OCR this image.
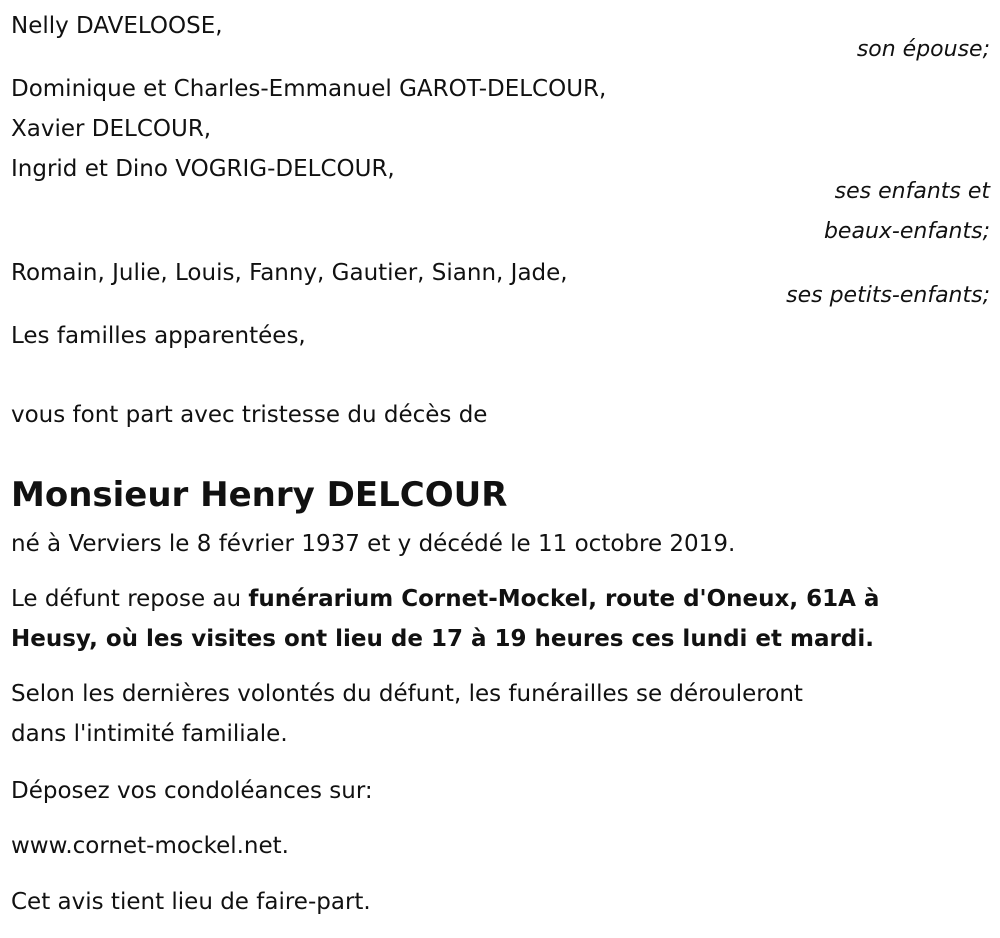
Nelly DAVELOOSE,
son épouse;
Dominique et Charles-Emmanuel GAROT-DELCOUR,
Xavier DELCOUR,
Ingrid et Dino VOGRIG-DELCOUR,
ses enfants et
beaux-enfants;
Romain, Julie, Louis, Fanny, Gautier, Siann, Jade,
ses petits-enfants;
Les familles apparentées,
vous font part avec tristesse du décès de
Monsieur Henry DELCOUR
né à Verviers le 8 février 1937 et y décédé le 11 octobre 2019.
Le défunt repose au funérarium Cornet-Mockel, route d'Oneux, 61A à
Heusy, où les visites ont lieu de 17 à 19 heures ces lundi et mardi.
Selon les dernières volontés du défunt, les funérailles se dérouleront
dans l'intimité familiale.
Déposez vos condoléances sur:
www.cornet-mockel.net.
Cet avis tient lieu de faire-part.
